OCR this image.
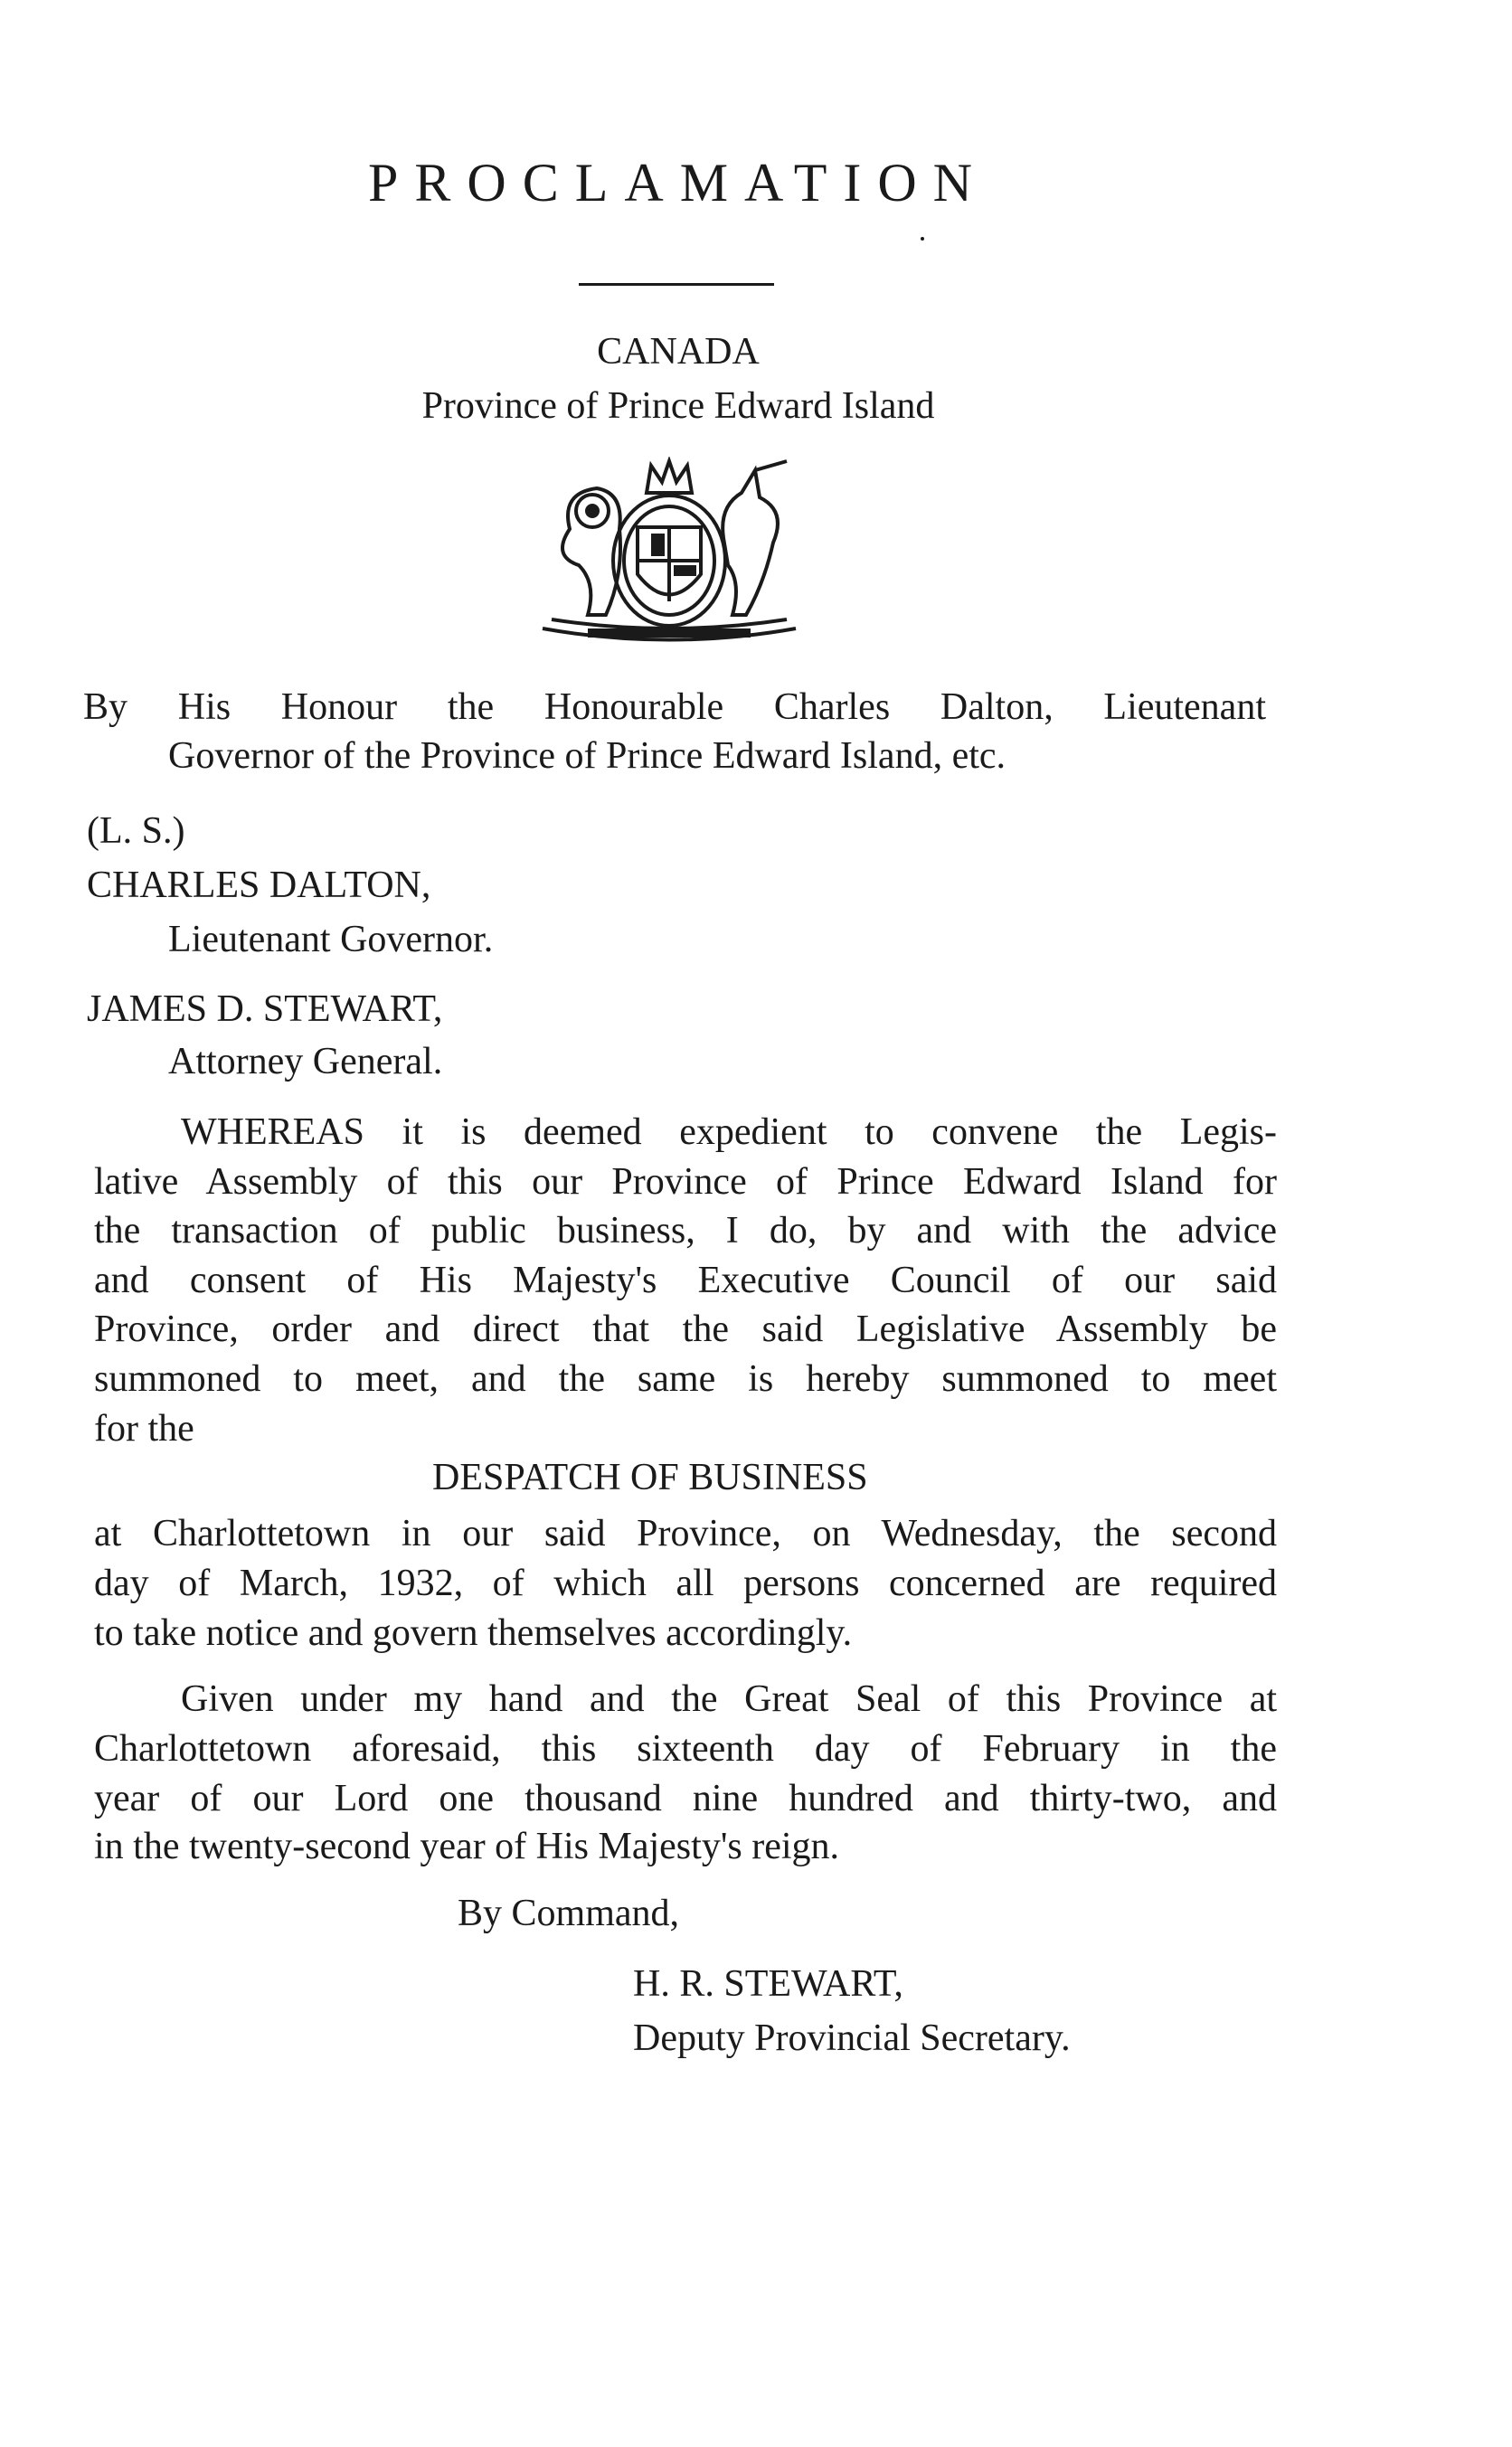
PROCLAMATION
CANADA
Province of Prince Edward Island
By His Honour the Honourable Charles Dalton, Lieutenant
Governor of the Province of Prince Edward Island, etc.
(L. S.)
CHARLES DALTON,
Lieutenant Governor.
JAMES D. STEWART,
Attorney General.
WHEREAS it is deemed expedient to convene the Legis-
lative Assembly of this our Province of Prince Edward Island for
the transaction of public business, I do, by and with the advice
and consent of His Majesty's Executive Council of our said
Province, order and direct that the said Legislative Assembly be
summoned to meet, and the same is hereby summoned to meet
for the
DESPATCH OF BUSINESS
at Charlottetown in our said Province, on Wednesday, the second
day of March, 1932, of which all persons concerned are required
to take notice and govern themselves accordingly.
Given under my hand and the Great Seal of this Province at
Charlottetown aforesaid, this sixteenth day of February in the
year of our Lord one thousand nine hundred and thirty-two, and
in the twenty-second year of His Majesty's reign.
By Command,
H. R. STEWART,
Deputy Provincial Secretary.
